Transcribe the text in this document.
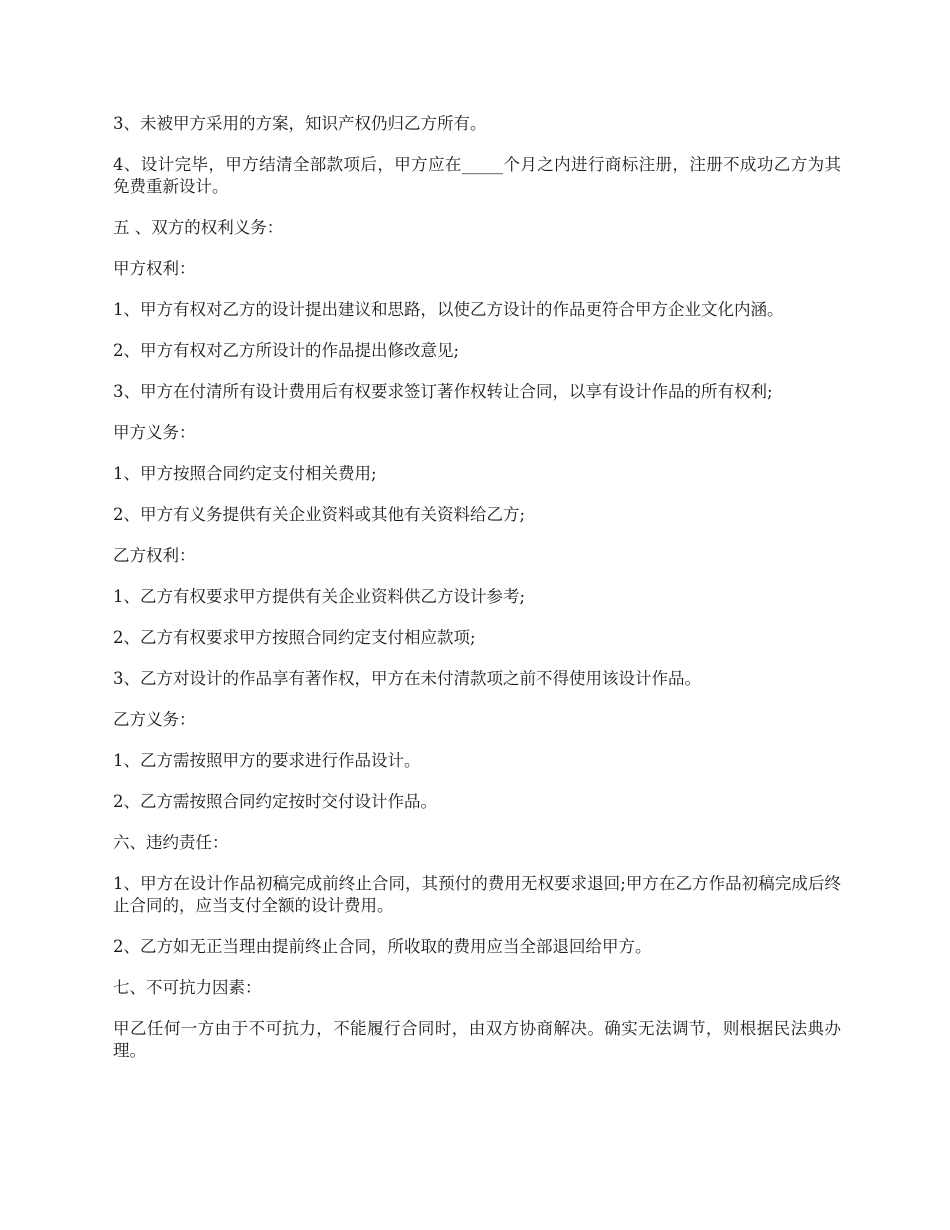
3、未被甲方采用的方案，知识产权仍归乙方所有。

4、设计完毕，甲方结清全部款项后，甲方应在_____个月之内进行商标注册，注册不成功乙方为其免费重新设计。

五 、双方的权利义务：

甲方权利：

1、甲方有权对乙方的设计提出建议和思路，以使乙方设计的作品更符合甲方企业文化内涵。

2、甲方有权对乙方所设计的作品提出修改意见;

3、甲方在付清所有设计费用后有权要求签订著作权转让合同，以享有设计作品的所有权利;

甲方义务：

1、甲方按照合同约定支付相关费用;

2、甲方有义务提供有关企业资料或其他有关资料给乙方;

乙方权利：

1、乙方有权要求甲方提供有关企业资料供乙方设计参考;

2、乙方有权要求甲方按照合同约定支付相应款项;

3、乙方对设计的作品享有著作权，甲方在未付清款项之前不得使用该设计作品。

乙方义务：

1、乙方需按照甲方的要求进行作品设计。

2、乙方需按照合同约定按时交付设计作品。

六、违约责任：

1、甲方在设计作品初稿完成前终止合同，其预付的费用无权要求退回;甲方在乙方作品初稿完成后终止合同的，应当支付全额的设计费用。

2、乙方如无正当理由提前终止合同，所收取的费用应当全部退回给甲方。

七、不可抗力因素：

甲乙任何一方由于不可抗力，不能履行合同时，由双方协商解决。确实无法调节，则根据民法典办理。
